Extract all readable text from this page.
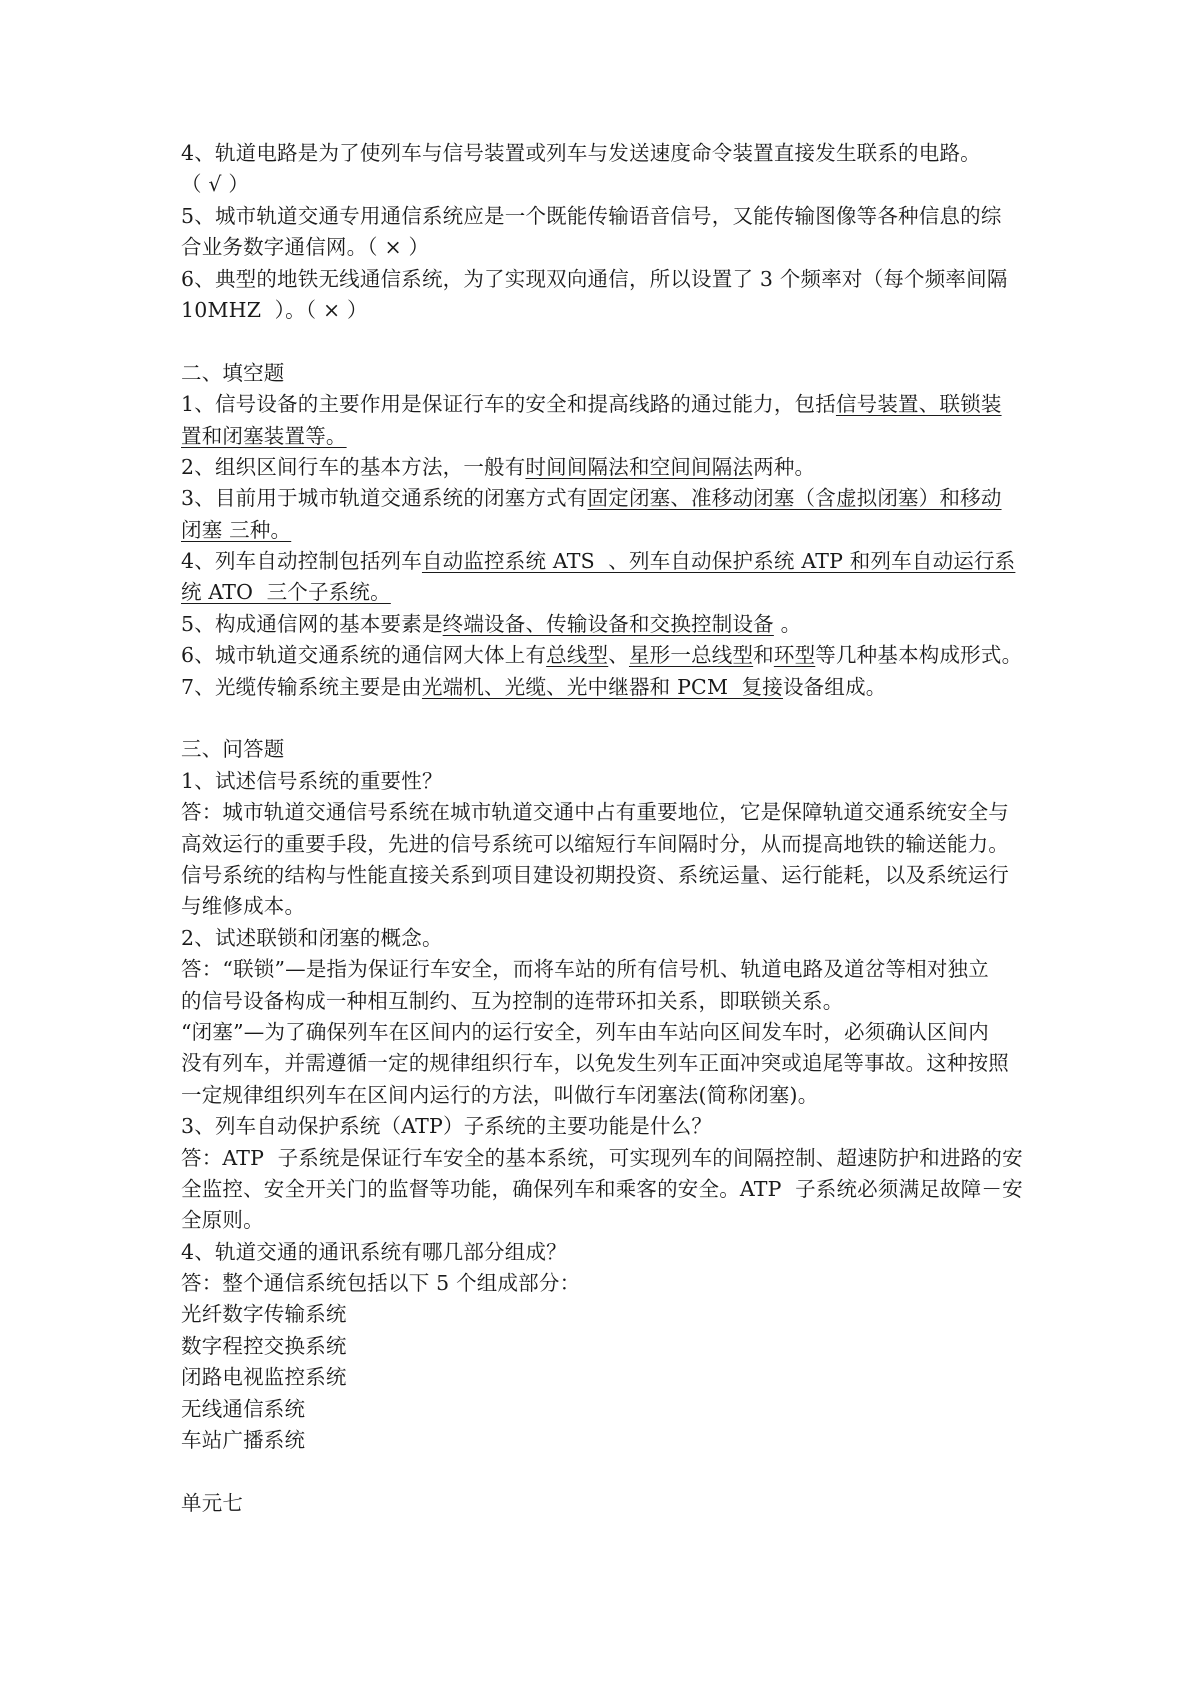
4、轨道电路是为了使列车与信号装置或列车与发送速度命令装置直接发生联系的电路。
（ √ ）
5、城市轨道交通专用通信系统应是一个既能传输语音信号，又能传输图像等各种信息的综
合业务数字通信网。（ × ）
6、典型的地铁无线通信系统，为了实现双向通信，所以设置了 3 个频率对（每个频率间隔
10MHZ  ）。（ × ）
二、填空题
1、信号设备的主要作用是保证行车的安全和提高线路的通过能力，包括信号装置、联锁装
置和闭塞装置等。
2、组织区间行车的基本方法，一般有时间间隔法和空间间隔法两种。
3、目前用于城市轨道交通系统的闭塞方式有固定闭塞、准移动闭塞（含虚拟闭塞）和移动
闭塞 三种。
4、列车自动控制包括列车自动监控系统 ATS  、列车自动保护系统 ATP 和列车自动运行系
统 ATO  三个子系统。
5、构成通信网的基本要素是终端设备、传输设备和交换控制设备 。
6、城市轨道交通系统的通信网大体上有总线型、星形一总线型和环型等几种基本构成形式。
7、光缆传输系统主要是由光端机、光缆、光中继器和 PCM  复接设备组成。
三、问答题
1、试述信号系统的重要性？
答：城市轨道交通信号系统在城市轨道交通中占有重要地位，它是保障轨道交通系统安全与
高效运行的重要手段，先进的信号系统可以缩短行车间隔时分，从而提高地铁的输送能力。
信号系统的结构与性能直接关系到项目建设初期投资、系统运量、运行能耗，以及系统运行
与维修成本。
2、试述联锁和闭塞的概念。
答：“联锁”—是指为保证行车安全，而将车站的所有信号机、轨道电路及道岔等相对独立
的信号设备构成一种相互制约、互为控制的连带环扣关系，即联锁关系。
“闭塞”—为了确保列车在区间内的运行安全，列车由车站向区间发车时，必须确认区间内
没有列车，并需遵循一定的规律组织行车，以免发生列车正面冲突或追尾等事故。这种按照
一定规律组织列车在区间内运行的方法，叫做行车闭塞法(简称闭塞)。
3、列车自动保护系统（ATP）子系统的主要功能是什么？
答：ATP  子系统是保证行车安全的基本系统，可实现列车的间隔控制、超速防护和进路的安
全监控、安全开关门的监督等功能，确保列车和乘客的安全。ATP  子系统必须满足故障－安
全原则。
4、轨道交通的通讯系统有哪几部分组成？
答：整个通信系统包括以下 5 个组成部分：
光纤数字传输系统
数字程控交换系统
闭路电视监控系统
无线通信系统
车站广播系统
单元七
